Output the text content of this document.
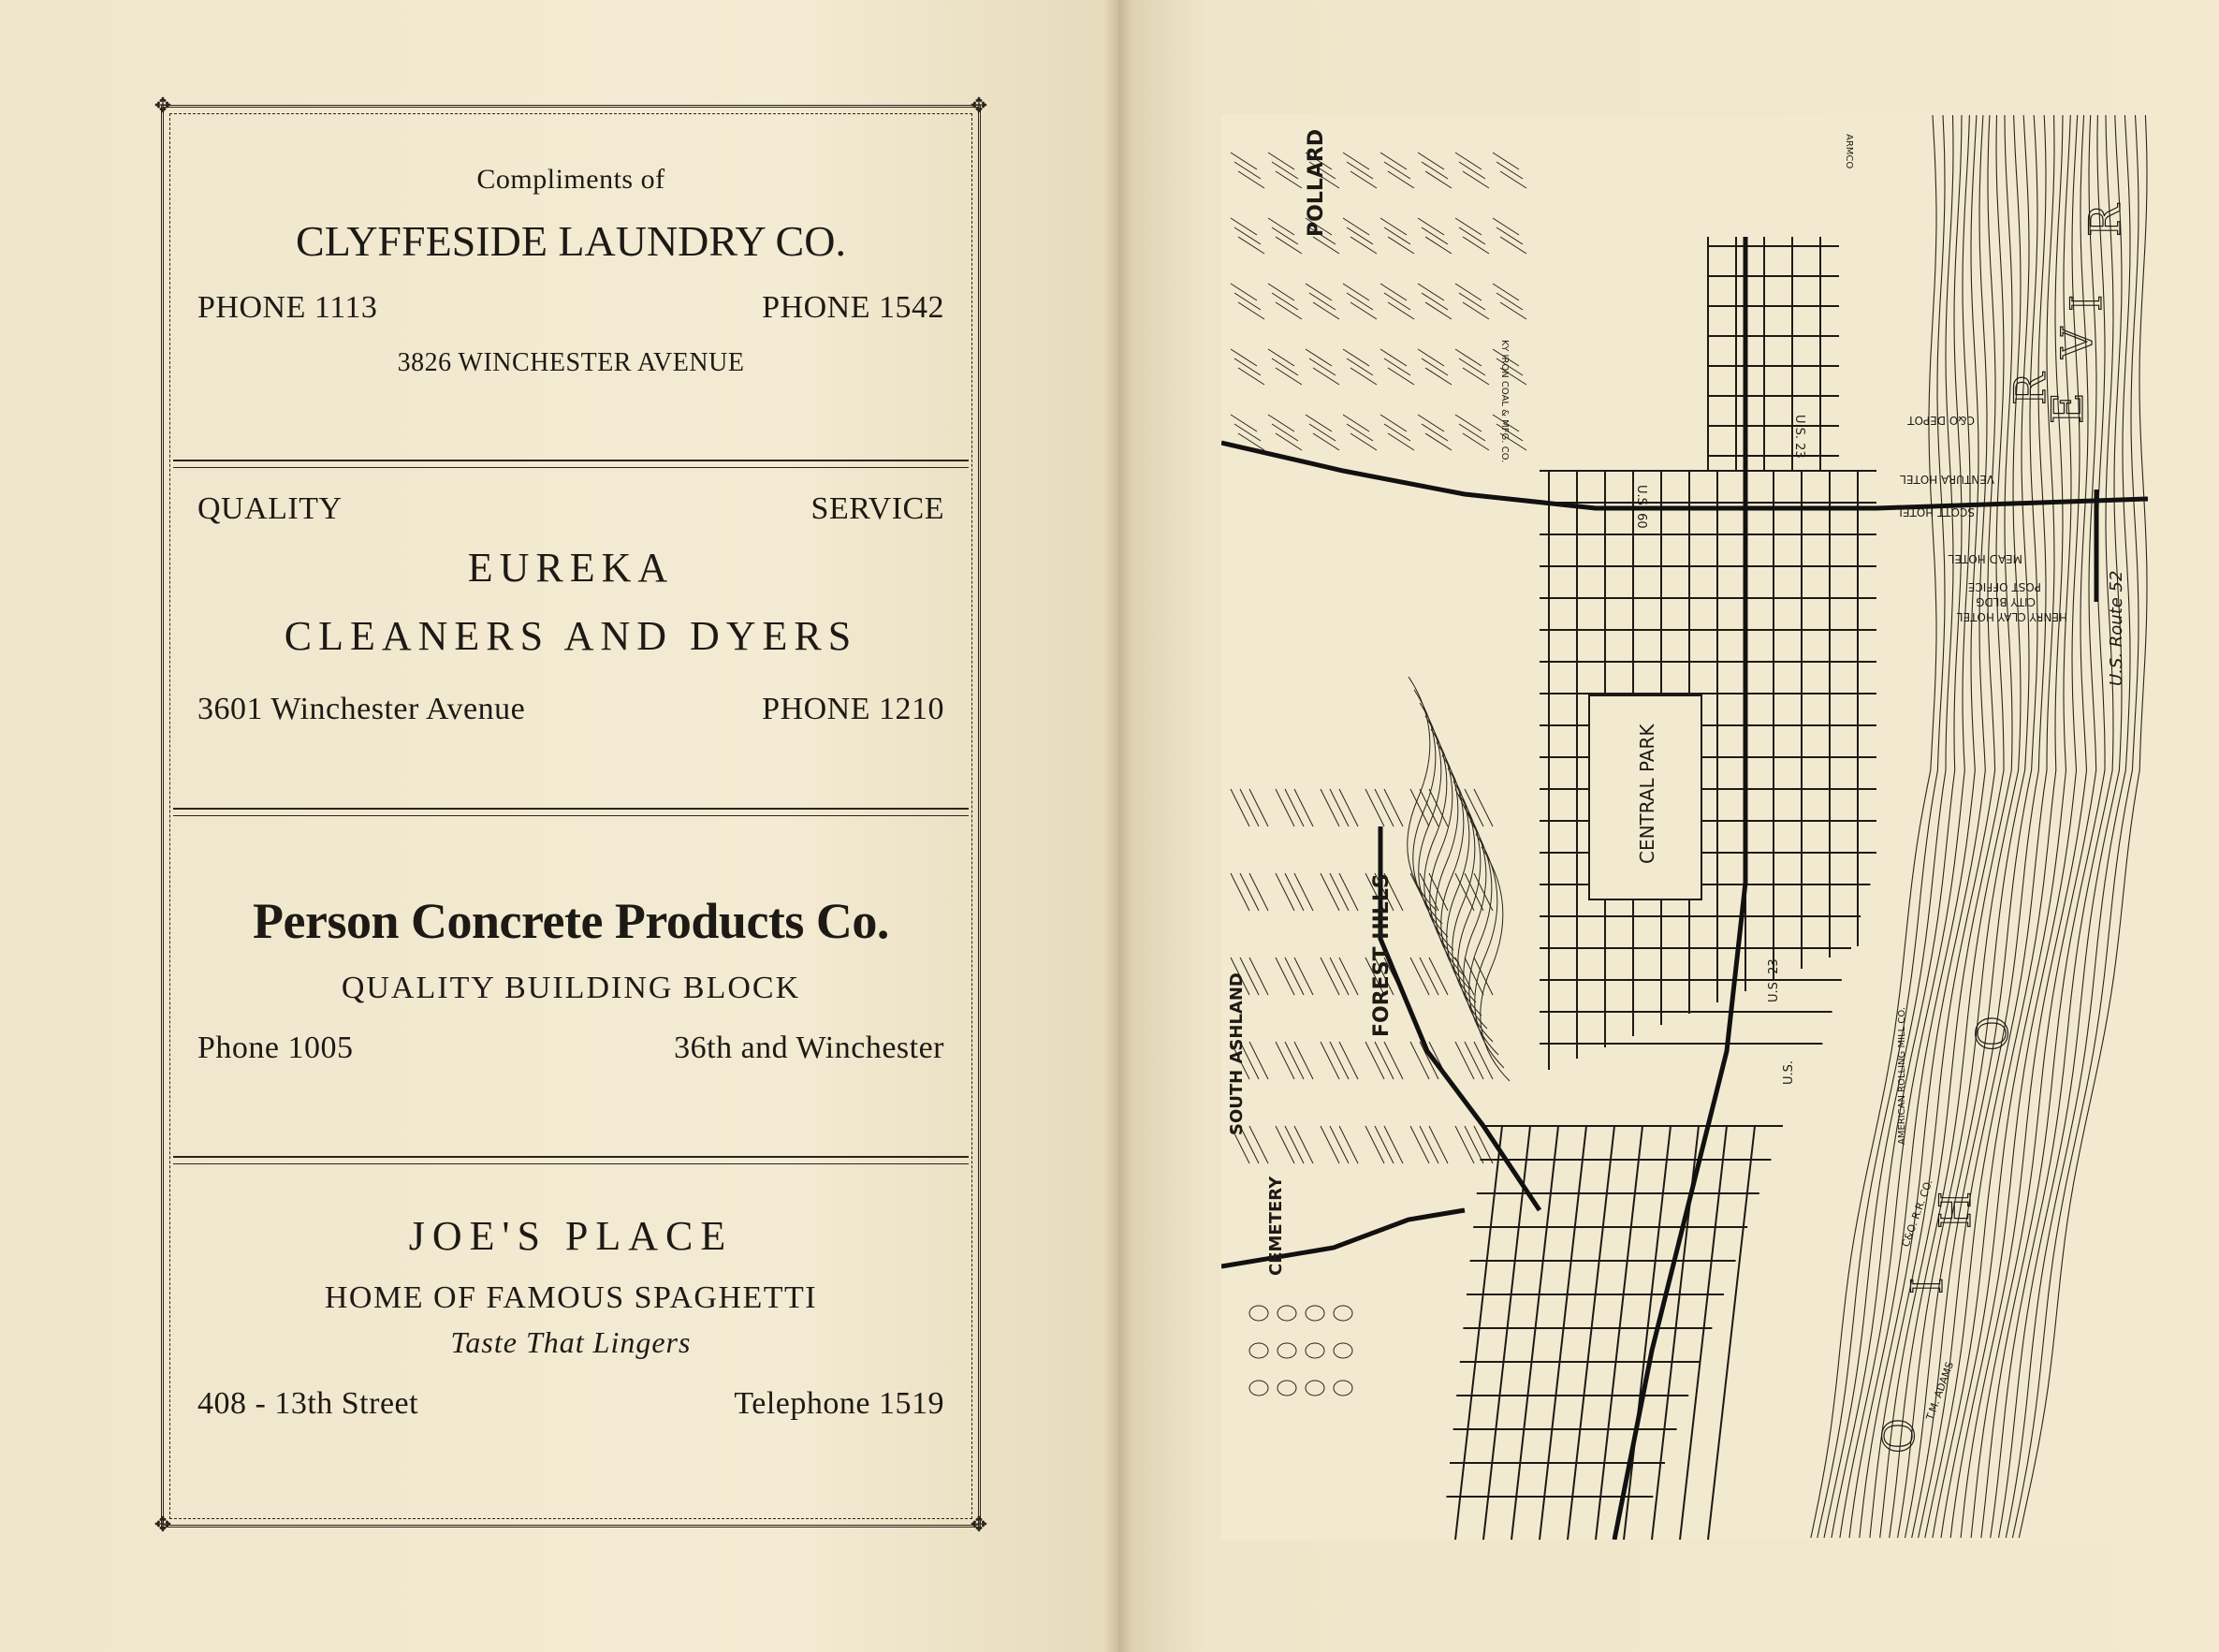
✥	✥
✥	✥
Compliments of
CLYFFESIDE LAUNDRY CO.
PHONE 1113	PHONE 1542
3826 WINCHESTER AVENUE
QUALITY	SERVICE
EUREKA
CLEANERS AND DYERS
3601 Winchester Avenue	PHONE 1210
Person Concrete Products Co.
QUALITY BUILDING BLOCK
Phone 1005	36th and Winchester
JOE'S PLACE
HOME OF FAMOUS SPAGHETTI
Taste That Lingers
408 - 13th Street	Telephone 1519
POLLARD
CENTRAL PARK
FOREST HILLS
SOUTH ASHLAND
CEMETERY
U.S. Route 52
U.S. 60
U.S. 23
U.S. 23
U.S.
C&O DEPOT
VENTURA HOTEL
SCOTT HOTEL
MEAD HOTEL
POST OFFICE
CITY BLDG
HENRY CLAY HOTEL
C&O. R.R. CO.
AMERICAN ROLLING MILL CO.
KY IRON COAL & MFG. CO.
T.M. ADAMS
ARMCO
R
I
V
E
R
O
H
I
O
